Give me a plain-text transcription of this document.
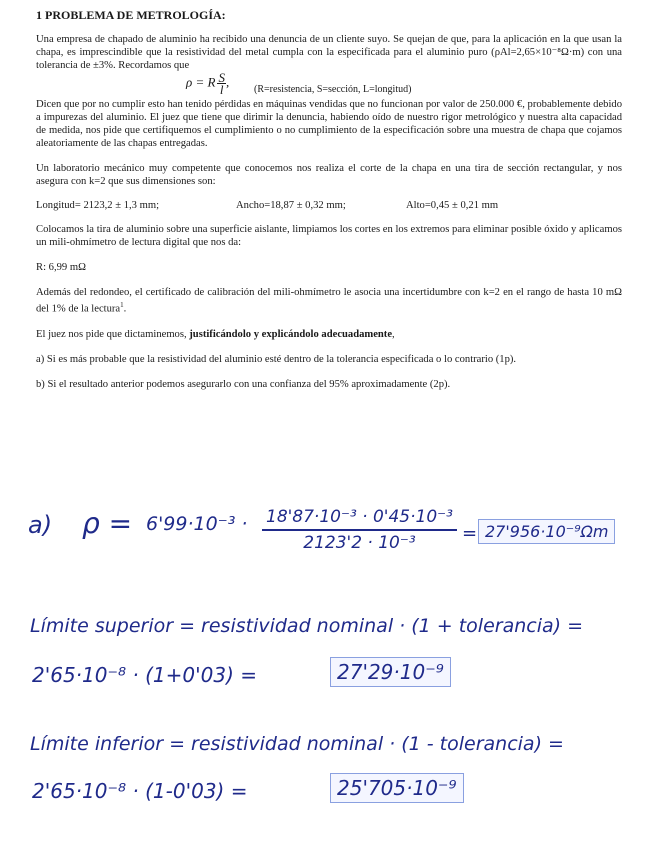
1 PROBLEMA DE METROLOGÍA:

Una empresa de chapado de aluminio ha recibido una denuncia de un cliente suyo. Se quejan de que, para la aplicación en la que usan la chapa, es imprescindible que la resistividad del metal cumpla con la especificada para el aluminio puro (ρAl=2,65×10⁻⁸Ω·m) con una tolerancia de ±3%. Recordamos que

ρ = R $\frac{S}{l}$ ,
(R=resistencia, S=sección, L=longitud)

Dicen que por no cumplir esto han tenido pérdidas en máquinas vendidas que no funcionan por valor de 250.000 €, probablemente debido a impurezas del aluminio. El juez que tiene que dirimir la denuncia, habiendo oído de nuestro rigor metrológico y nuestra alta capacidad de medida, nos pide que certifiquemos el cumplimiento o no cumplimiento de la especificación sobre una muestra de chapa que cojamos aleatoriamente de las chapas entregadas.

Un laboratorio mecánico muy competente que conocemos nos realiza el corte de la chapa en una tira de sección rectangular, y nos asegura con k=2 que sus dimensiones son:

Longitud= 2123,2 ± 1,3 mm;	Ancho=18,87 ± 0,32 mm;	Alto=0,45 ± 0,21 mm

Colocamos la tira de aluminio sobre una superficie aislante, limpiamos los cortes en los extremos para eliminar posible óxido y aplicamos un mili-ohmímetro de lectura digital que nos da:

R: 6,99 mΩ

Además del redondeo, el certificado de calibración del mili-ohmímetro le asocia una incertidumbre con k=2 en el rango de hasta 10 mΩ del 1% de la lectura$^1$.

El juez nos pide que dictaminemos, justificándolo y explicándolo adecuadamente,

a) Si es más probable que la resistividad del aluminio esté dentro de la tolerancia especificada o lo contrario (1p).

b) Si el resultado anterior podemos asegurarlo con una confianza del 95% aproximadamente (2p).

a) $\rho = 6'99\cdot 10^{-3} \cdot \frac{\text{18'87·10⁻³ · 0'45·10⁻³}}{\text{2123'2 · 10⁻³}} = 27'956\cdot 10^{-9}\Omega m$
Límite superior = resistividad nominal · (1 + tolerancia) =
2'65·10⁻⁸ · (1+0'03) =	27'29·10⁻⁹
Límite inferior = resistividad nominal · (1 - tolerancia) =
2'65·10⁻⁸ · (1-0'03) =	25'705·10⁻⁹
